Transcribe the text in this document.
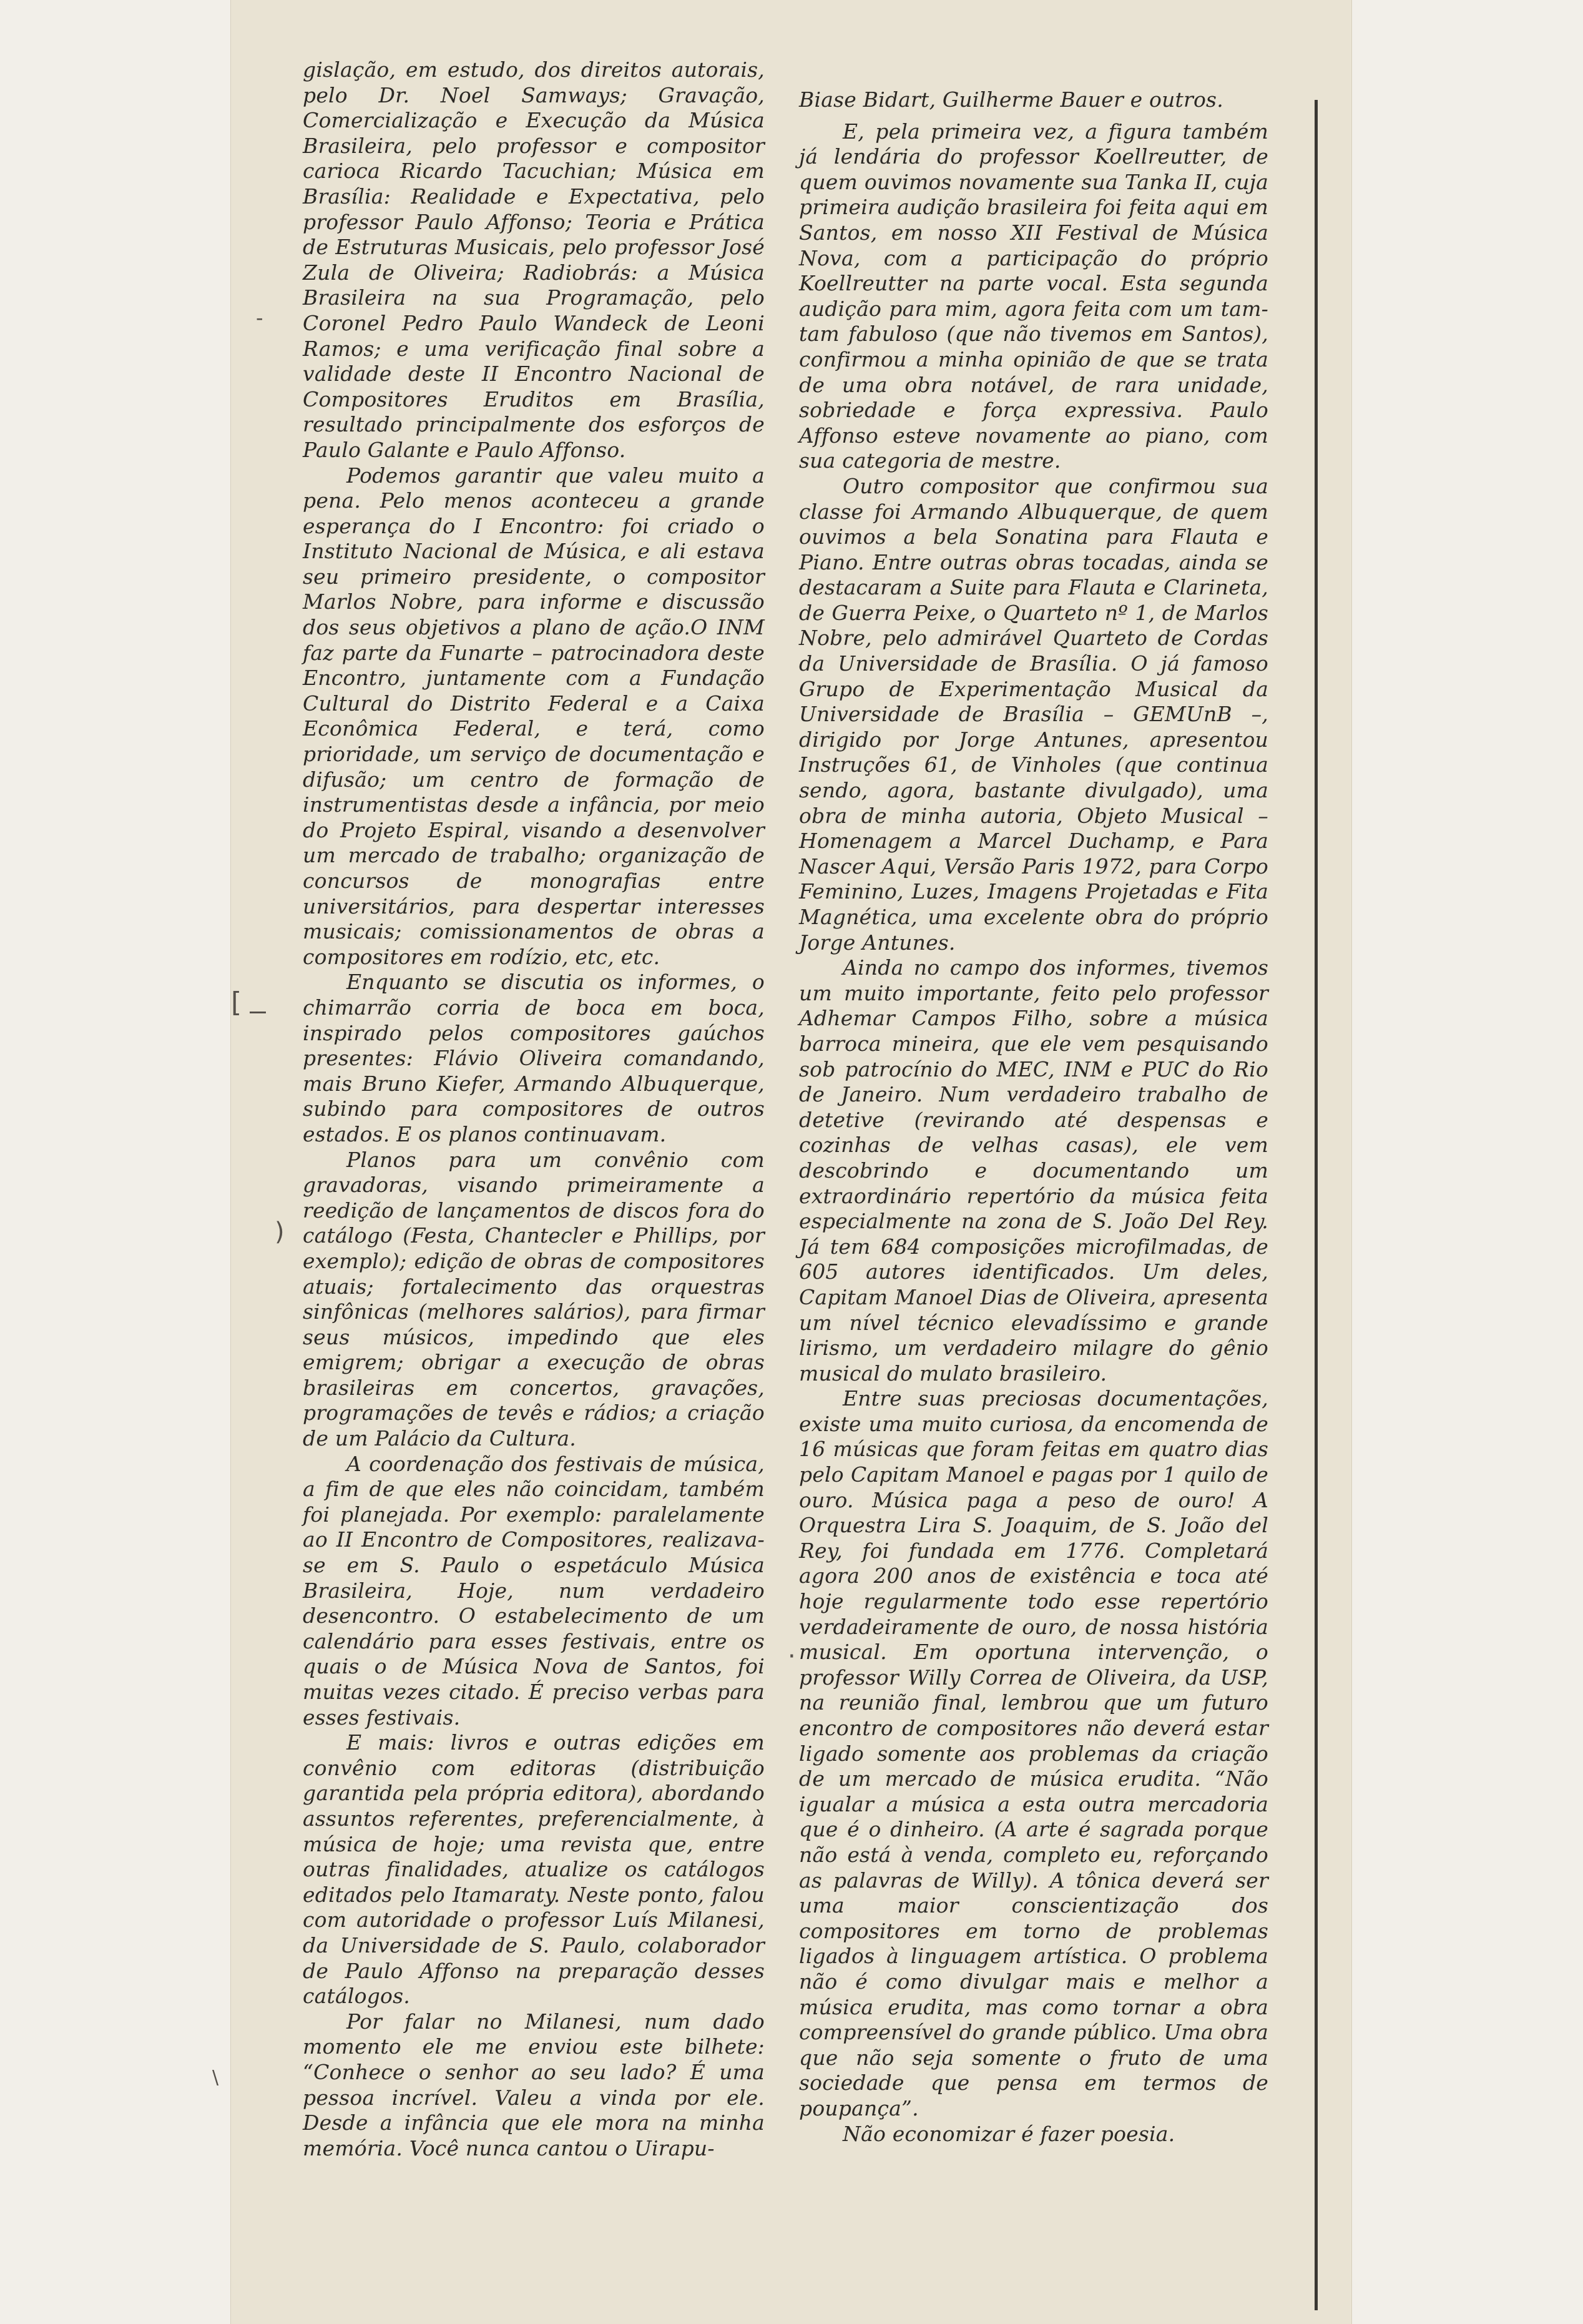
gislação, em estudo, dos direitos autorais, pelo Dr. Noel Samways; Gravação, Comercialização e Execução da Música Brasileira, pelo professor e compositor carioca Ricardo Tacuchian; Música em Brasília: Realidade e Expectativa, pelo professor Paulo Affonso; Teoria e Prática de Estruturas Musicais, pelo professor José Zula de Oliveira; Radiobrás: a Música Brasileira na sua Programação, pelo Coronel Pedro Paulo Wandeck de Leoni Ramos; e uma verificação final sobre a validade deste II Encontro Nacional de Compositores Eruditos em Brasília, resultado principalmente dos esforços de Paulo Galante e Paulo Affonso.

Podemos garantir que valeu muito a pena. Pelo menos aconteceu a grande esperança do I Encontro: foi criado o Instituto Nacional de Música, e ali estava seu primeiro presidente, o compositor Marlos Nobre, para informe e discussão dos seus objetivos a plano de ação.O INM faz parte da Funarte – patrocinadora deste Encontro, juntamente com a Fundação Cultural do Distrito Federal e a Caixa Econômica Federal, e terá, como prioridade, um serviço de documentação e difusão; um centro de formação de instrumentistas desde a infância, por meio do Projeto Espiral, visando a desenvolver um mercado de trabalho; organização de concursos de monografias entre universitários, para despertar interesses musicais; comissionamentos de obras a compositores em rodízio, etc, etc.

Enquanto se discutia os informes, o chimarrão corria de boca em boca, inspirado pelos compositores gaúchos presentes: Flávio Oliveira comandando, mais Bruno Kiefer, Armando Albuquerque, subindo para compositores de outros estados. E os planos continuavam.

Planos para um convênio com gravadoras, visando primeiramente a reedição de lançamentos de discos fora do catálogo (Festa, Chantecler e Phillips, por exemplo); edição de obras de compositores atuais; fortalecimento das orquestras sinfônicas (melhores salários), para firmar seus músicos, impedindo que eles emigrem; obrigar a execução de obras brasileiras em concertos, gravações, programações de tevês e rádios; a criação de um Palácio da Cultura.

A coordenação dos festivais de música, a fim de que eles não coincidam, também foi planejada. Por exemplo: paralelamente ao II Encontro de Compositores, realizava-se em S. Paulo o espetáculo Música Brasileira, Hoje, num verdadeiro desencontro. O estabelecimento de um calendário para esses festivais, entre os quais o de Música Nova de Santos, foi muitas vezes citado. É preciso verbas para esses festivais.

E mais: livros e outras edições em convênio com editoras (distribuição garantida pela própria editora), abordando assuntos referentes, preferencialmente, à música de hoje; uma revista que, entre outras finalidades, atualize os catálogos editados pelo Itamaraty. Neste ponto, falou com autoridade o professor Luís Milanesi, da Universidade de S. Paulo, colaborador de Paulo Affonso na preparação desses catálogos.

Por falar no Milanesi, num dado momento ele me enviou este bilhete: “Conhece o senhor ao seu lado? É uma pessoa incrível. Valeu a vinda por ele. Desde a infância que ele mora na minha memória. Você nunca cantou o Uirapu-

Biase Bidart, Guilherme Bauer e outros.

E, pela primeira vez, a figura também já lendária do professor Koellreutter, de quem ouvimos novamente sua Tanka II, cuja primeira audição brasileira foi feita aqui em Santos, em nosso XII Festival de Música Nova, com a participação do próprio Koellreutter na parte vocal. Esta segunda audição para mim, agora feita com um tam-tam fabuloso (que não tivemos em Santos), confirmou a minha opinião de que se trata de uma obra notável, de rara unidade, sobriedade e força expressiva. Paulo Affonso esteve novamente ao piano, com sua categoria de mestre.

Outro compositor que confirmou sua classe foi Armando Albuquerque, de quem ouvimos a bela Sonatina para Flauta e Piano. Entre outras obras tocadas, ainda se destacaram a Suite para Flauta e Clarineta, de Guerra Peixe, o Quarteto nº 1, de Marlos Nobre, pelo admirável Quarteto de Cordas da Universidade de Brasília. O já famoso Grupo de Experimentação Musical da Universidade de Brasília – GEMUnB –, dirigido por Jorge Antunes, apresentou Instruções 61, de Vinholes (que continua sendo, agora, bastante divulgado), uma obra de minha autoria, Objeto Musical – Homenagem a Marcel Duchamp, e Para Nascer Aqui, Versão Paris 1972, para Corpo Feminino, Luzes, Imagens Projetadas e Fita Magnética, uma excelente obra do próprio Jorge Antunes.

Ainda no campo dos informes, tivemos um muito importante, feito pelo professor Adhemar Campos Filho, sobre a música barroca mineira, que ele vem pesquisando sob patrocínio do MEC, INM e PUC do Rio de Janeiro. Num verdadeiro trabalho de detetive (revirando até despensas e cozinhas de velhas casas), ele vem descobrindo e documentando um extraordinário repertório da música feita especialmente na zona de S. João Del Rey. Já tem 684 composições microfilmadas, de 605 autores identificados. Um deles, Capitam Manoel Dias de Oliveira, apresenta um nível técnico elevadíssimo e grande lirismo, um verdadeiro milagre do gênio musical do mulato brasileiro.

Entre suas preciosas documentações, existe uma muito curiosa, da encomenda de 16 músicas que foram feitas em quatro dias pelo Capitam Manoel e pagas por 1 quilo de ouro. Música paga a peso de ouro! A Orquestra Lira S. Joaquim, de S. João del Rey, foi fundada em 1776. Completará agora 200 anos de existência e toca até hoje regularmente todo esse repertório verdadeiramente de ouro, de nossa história musical. Em oportuna intervenção, o professor Willy Correa de Oliveira, da USP, na reunião final, lembrou que um futuro encontro de compositores não deverá estar ligado somente aos problemas da criação de um mercado de música erudita. “Não igualar a música a esta outra mercadoria que é o dinheiro. (A arte é sagrada porque não está à venda, completo eu, reforçando as palavras de Willy). A tônica deverá ser uma maior conscientização dos compositores em torno de problemas ligados à linguagem artística. O problema não é como divulgar mais e melhor a música erudita, mas como tornar a obra compreensível do grande público. Uma obra que não seja somente o fruto de uma sociedade que pensa em termos de poupança”.

Não economizar é fazer poesia.

[
)
-
·
\
